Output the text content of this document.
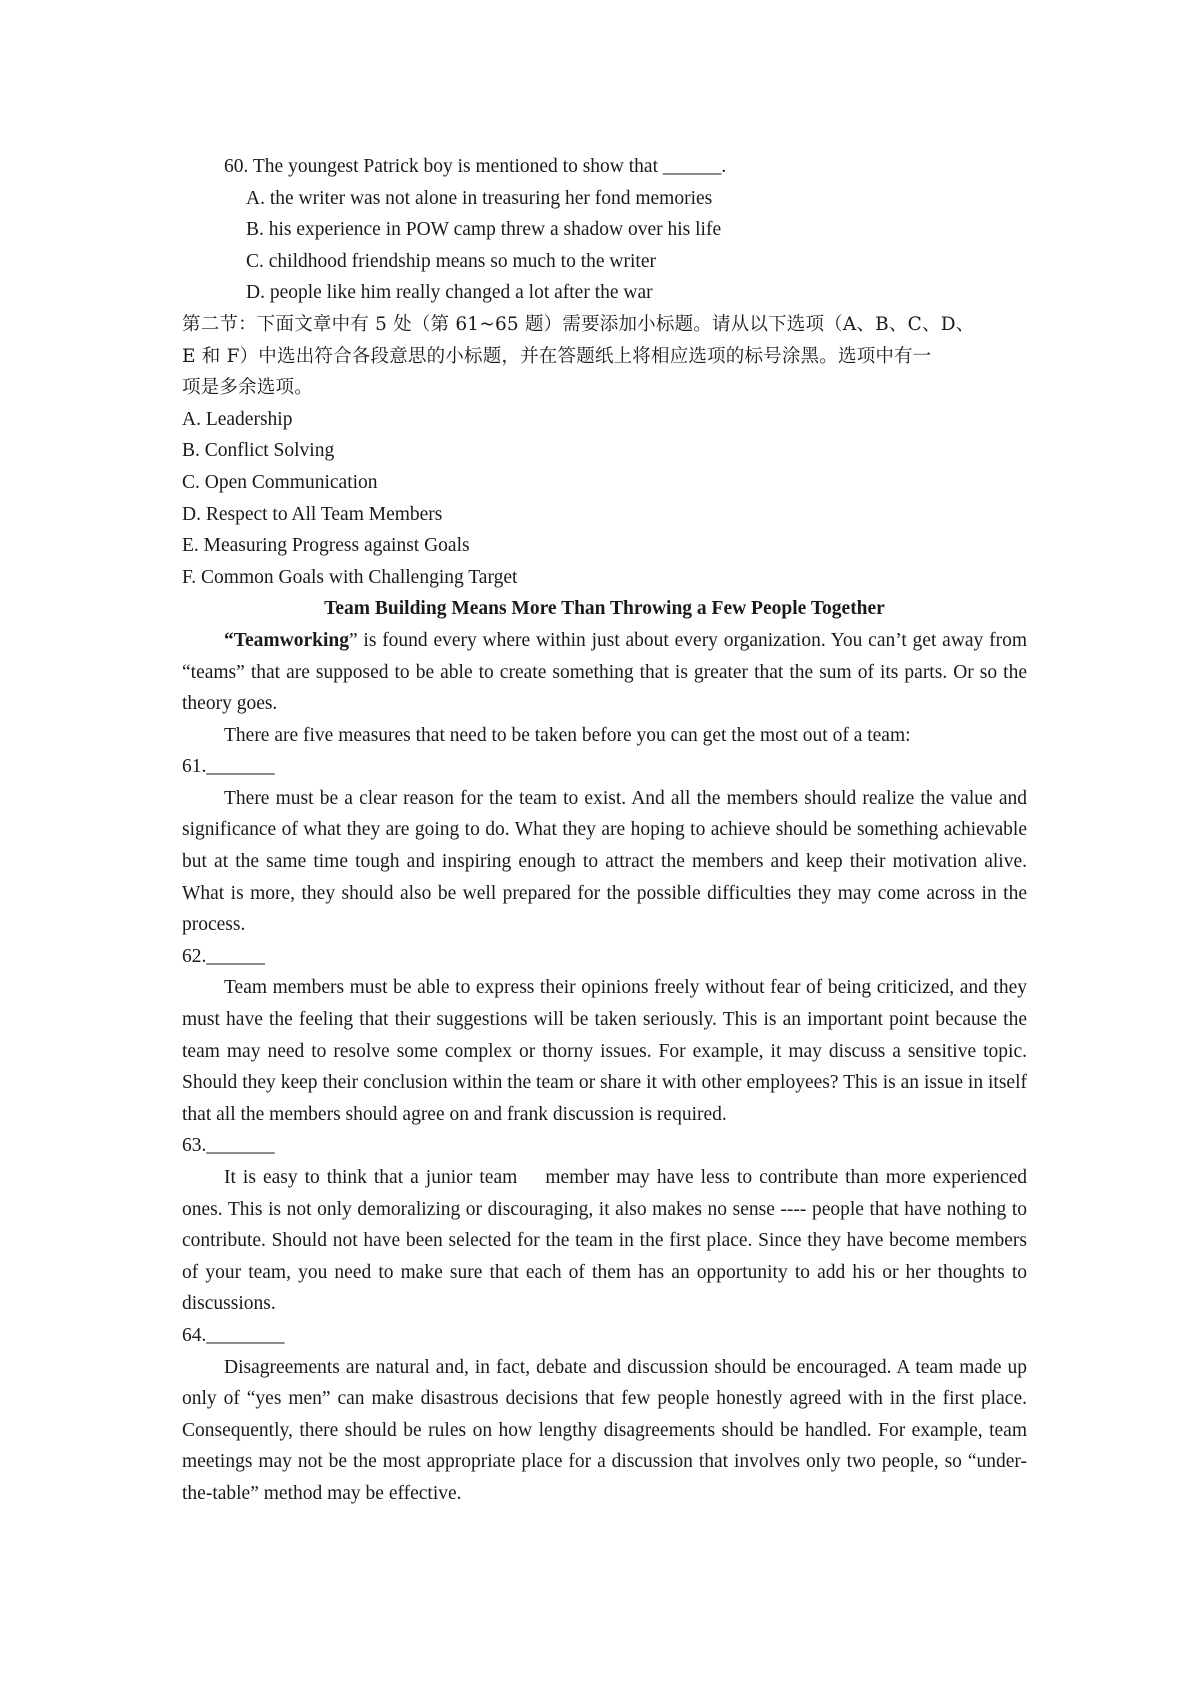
60. The youngest Patrick boy is mentioned to show that ______.
A. the writer was not alone in treasuring her fond memories
B. his experience in POW camp threw a shadow over his life
C. childhood friendship means so much to the writer
D. people like him really changed a lot after the war
第二节：下面文章中有 5 处（第 61~65 题）需要添加小标题。请从以下选项（A、B、C、D、
E 和 F）中选出符合各段意思的小标题，并在答题纸上将相应选项的标号涂黑。选项中有一
项是多余选项。
A. Leadership
B. Conflict Solving
C. Open Communication
D. Respect to All Team Members
E. Measuring Progress against Goals
F. Common Goals with Challenging Target
Team Building Means More Than Throwing a Few People Together

“Teamworking” is found every where within just about every organization. You can’t get away from “teams” that are supposed to be able to create something that is greater that the sum of its parts. Or so the theory goes.

There are five measures that need to be taken before you can get the most out of a team:

61._______

There must be a clear reason for the team to exist. And all the members should realize the value and significance of what they are going to do. What they are hoping to achieve should be something achievable but at the same time tough and inspiring enough to attract the members and keep their motivation alive. What is more, they should also be well prepared for the possible difficulties they may come across in the process.

62.______

Team members must be able to express their opinions freely without fear of being criticized, and they must have the feeling that their suggestions will be taken seriously. This is an important point because the team may need to resolve some complex or thorny issues. For example, it may discuss a sensitive topic. Should they keep their conclusion within the team or share it with other employees? This is an issue in itself that all the members should agree on and frank discussion is required.

63._______

It is easy to think that a junior team    member may have less to contribute than more experienced ones. This is not only demoralizing or discouraging, it also makes no sense ---- people that have nothing to contribute. Should not have been selected for the team in the first place. Since they have become members of your team, you need to make sure that each of them has an opportunity to add his or her thoughts to discussions.

64.________

Disagreements are natural and, in fact, debate and discussion should be encouraged. A team made up only of “yes men” can make disastrous decisions that few people honestly agreed with in the first place. Consequently, there should be rules on how lengthy disagreements should be handled. For example, team meetings may not be the most appropriate place for a discussion that involves only two people, so “under-the-table” method may be effective.
